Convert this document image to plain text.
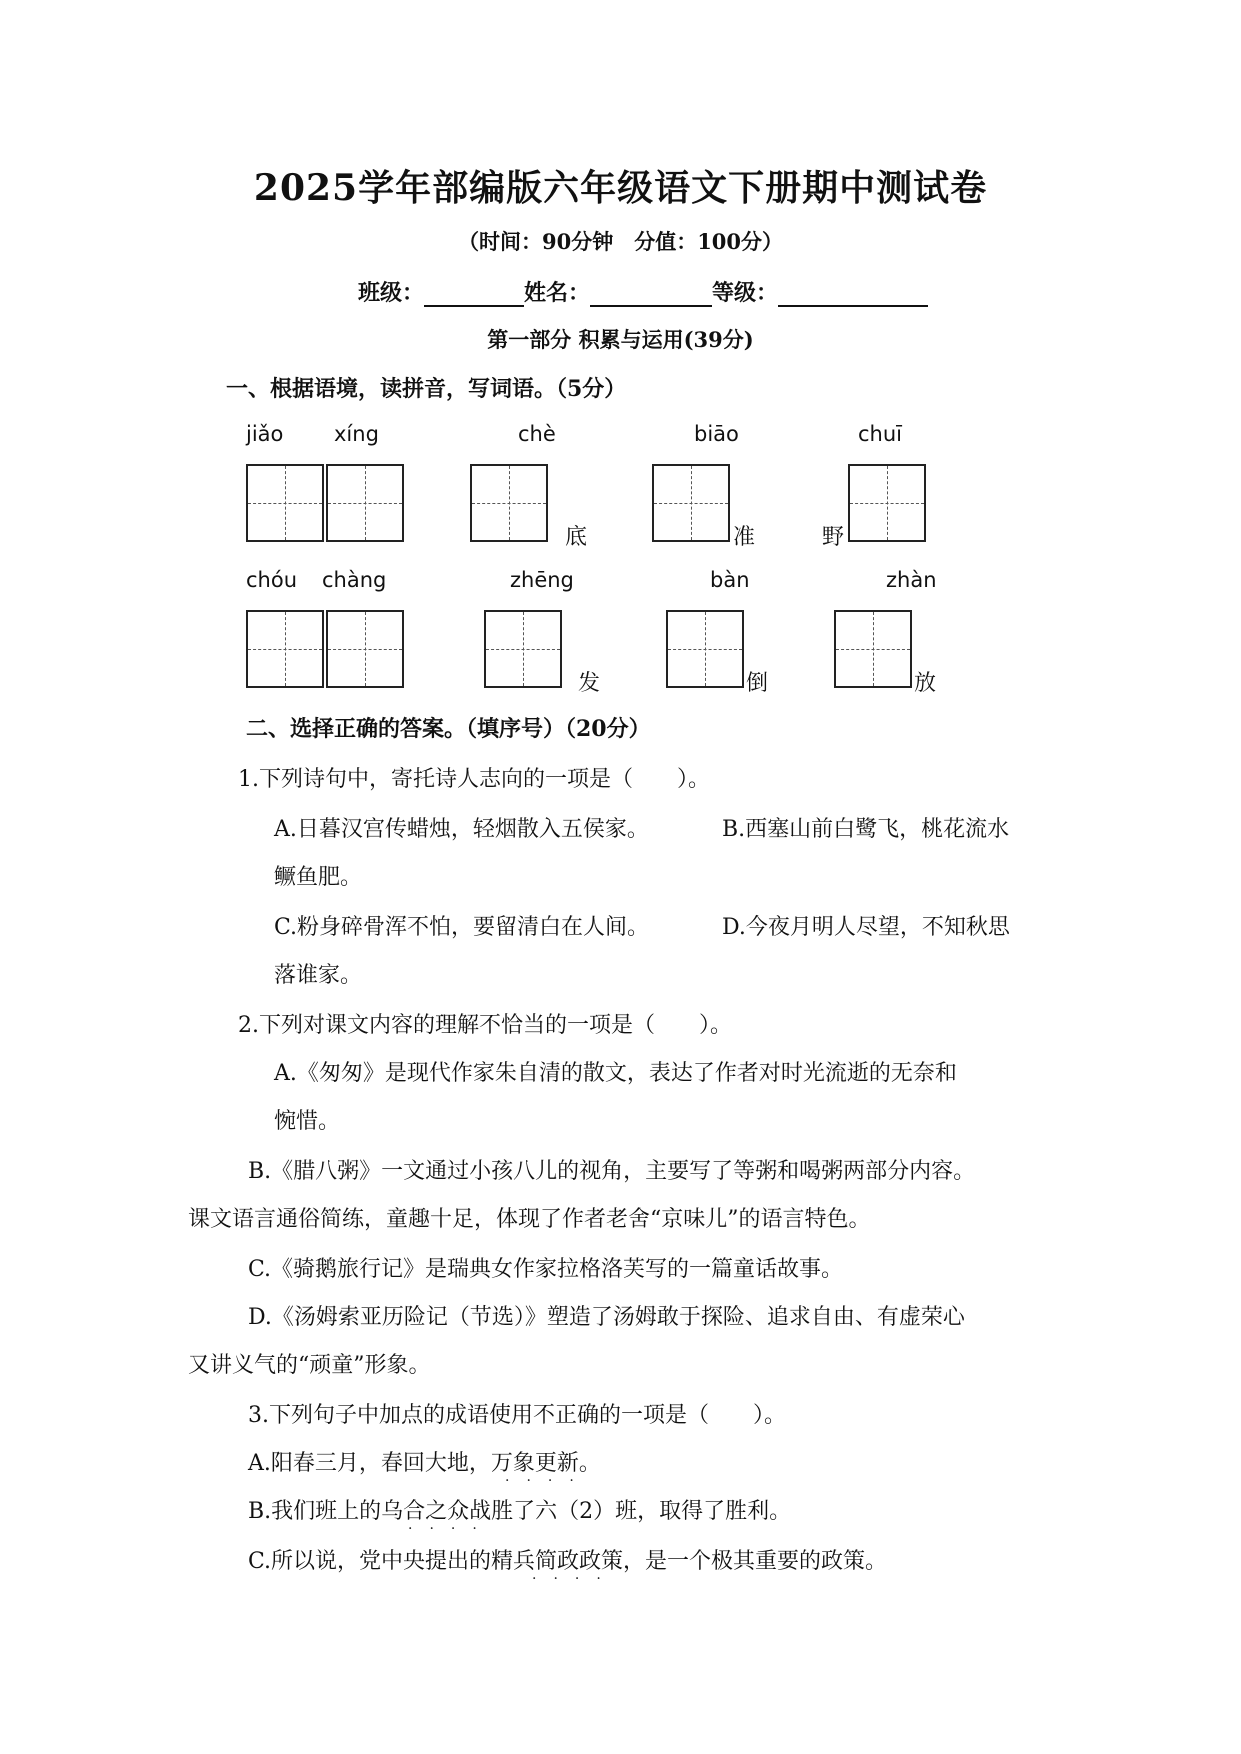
2025学年部编版六年级语文下册期中测试卷
（时间：90分钟　分值：100分）
班级：	姓名：	等级：
第一部分 积累与运用(39分)
一、根据语境，读拼音，写词语。（5分）
jiǎo xíng	chè	biāo	chuī
底	准	野
chóu chàng	zhēng	bàn	zhàn
发	倒	放
二、选择正确的答案。（填序号）（20分）
1.下列诗句中，寄托诗人志向的一项是（　　）。
A.日暮汉宫传蜡烛，轻烟散入五侯家。	B.西塞山前白鹭飞，桃花流水
鳜鱼肥。
C.粉身碎骨浑不怕，要留清白在人间。	D.今夜月明人尽望，不知秋思
落谁家。
2.下列对课文内容的理解不恰当的一项是（　　）。
A.《匆匆》是现代作家朱自清的散文，表达了作者对时光流逝的无奈和
惋惜。
B.《腊八粥》一文通过小孩八儿的视角，主要写了等粥和喝粥两部分内容。
课文语言通俗简练，童趣十足，体现了作者老舍“京味儿”的语言特色。
C.《骑鹅旅行记》是瑞典女作家拉格洛芙写的一篇童话故事。
D.《汤姆索亚历险记（节选）》塑造了汤姆敢于探险、追求自由、有虚荣心
又讲义气的“顽童”形象。
3.下列句子中加点的成语使用不正确的一项是（　　）。
A.阳春三月，春回大地，万象更新。
····
B.我们班上的乌合之众战胜了六（2）班，取得了胜利。
····
C.所以说，党中央提出的精兵简政政策，是一个极其重要的政策。
····
